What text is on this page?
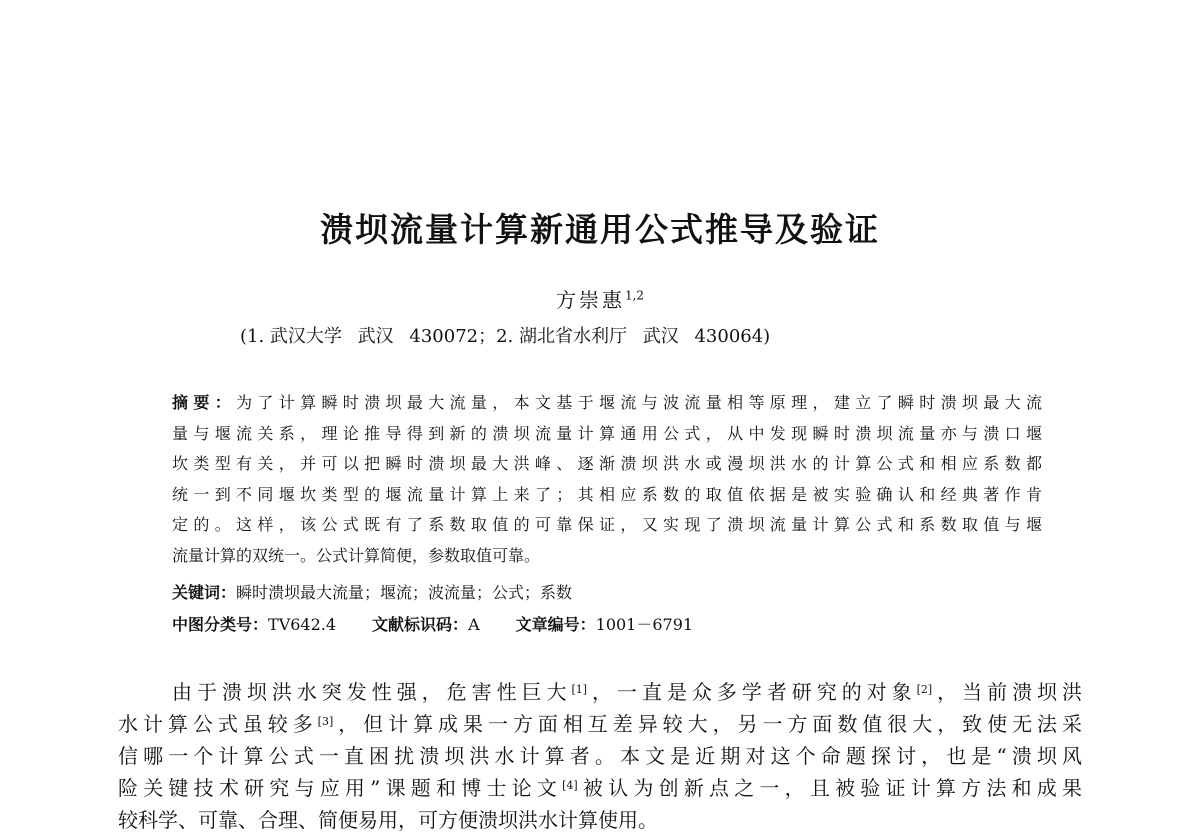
溃坝流量计算新通用公式推导及验证
方崇惠$^{1,2}$
(1. 武汉大学 武汉 430072；2. 湖北省水利厅 武汉 430064)
摘要：为了计算瞬时溃坝最大流量，本文基于堰流与波流量相等原理，建立了瞬时溃坝最大流
量与堰流关系，理论推导得到新的溃坝流量计算通用公式，从中发现瞬时溃坝流量亦与溃口堰
坎类型有关，并可以把瞬时溃坝最大洪峰、逐渐溃坝洪水或漫坝洪水的计算公式和相应系数都
统一到不同堰坎类型的堰流量计算上来了；其相应系数的取值依据是被实验确认和经典著作肯
定的。这样，该公式既有了系数取值的可靠保证，又实现了溃坝流量计算公式和系数取值与堰
流量计算的双统一。公式计算简便，参数取值可靠。
关键词：瞬时溃坝最大流量；堰流；波流量；公式；系数
中图分类号：TV642.4 文献标识码：A 文章编号：1001－6791
由于溃坝洪水突发性强，危害性巨大[1]，一直是众多学者研究的对象[2]，当前溃坝洪
水计算公式虽较多[3]，但计算成果一方面相互差异较大，另一方面数值很大，致使无法采
信哪一个计算公式一直困扰溃坝洪水计算者。本文是近期对这个命题探讨，也是“溃坝风
险关键技术研究与应用”课题和博士论文[4]被认为创新点之一，且被验证计算方法和成果
较科学、可靠、合理、简便易用，可方便溃坝洪水计算使用。
